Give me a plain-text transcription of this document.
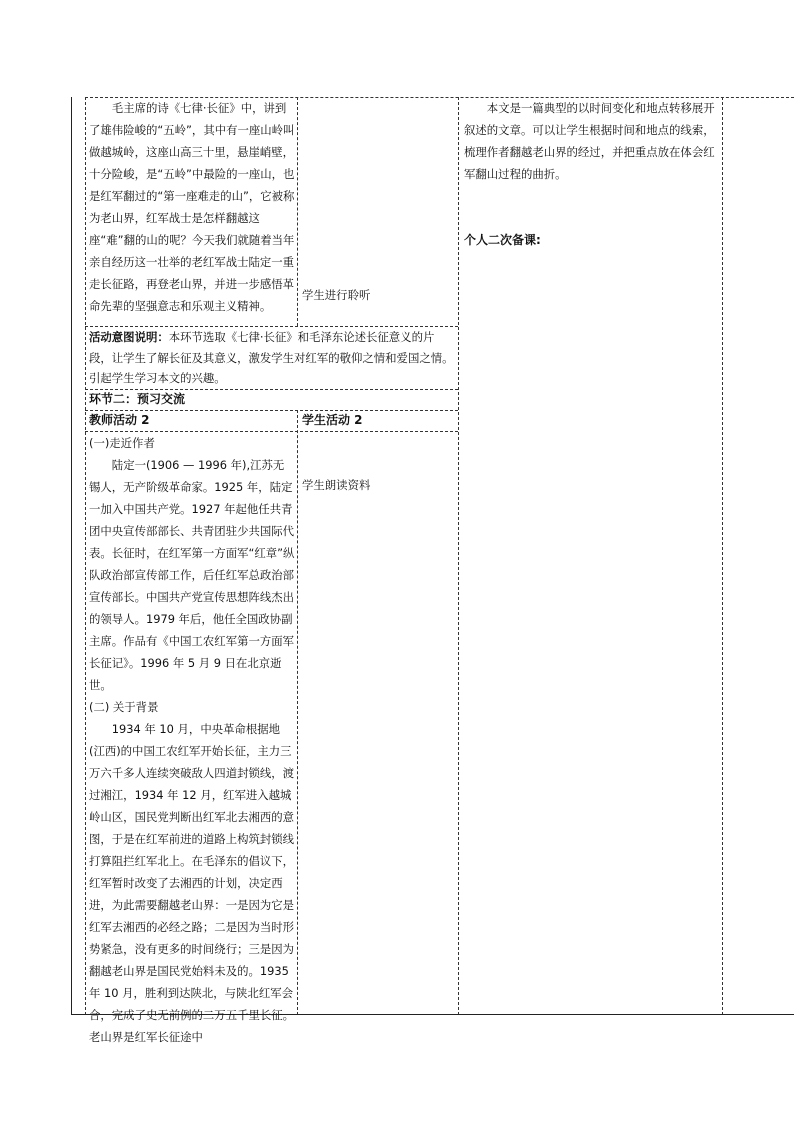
毛主席的诗《七律·长征》中，讲到了雄伟险峻的“五岭”，其中有一座山岭叫做越城岭，这座山高三十里，悬崖峭壁，十分险峻，是“五岭”中最险的一座山，也是红军翻过的“第一座难走的山”，它被称为老山界，红军战士是怎样翻越这座“难”翻的山的呢？今天我们就随着当年亲自经历这一壮举的老红军战士陆定一重走长征路，再登老山界，并进一步感悟革命先辈的坚强意志和乐观主义精神。

学生进行聆听

本文是一篇典型的以时间变化和地点转移展开叙述的文章。可以让学生根据时间和地点的线索，梳理作者翻越老山界的经过，并把重点放在体会红军翻山过程的曲折。

个人二次备课:

活动意图说明：本环节选取《七律·长征》和毛泽东论述长征意义的片段，让学生了解长征及其意义，激发学生对红军的敬仰之情和爱国之情。引起学生学习本文的兴趣。

环节二：预习交流

教师活动 2	学生活动 2

(一)走近作者

陆定一(1906 — 1996 年),江苏无锡人，无产阶级革命家。1925 年，陆定一加入中国共产党。1927 年起他任共青团中央宣传部部长、共青团驻少共国际代表。长征时，在红军第一方面军“红章”纵队政治部宣传部工作，后任红军总政治部宣传部长。中国共产党宣传思想阵线杰出的领导人。1979 年后，他任全国政协副主席。作品有《中国工农红军第一方面军长征记》。1996 年 5 月 9 日在北京逝世。

(二) 关于背景

1934 年 10 月，中央革命根据地(江西)的中国工农红军开始长征，主力三万六千多人连续突破敌人四道封锁线，渡过湘江，1934 年 12 月，红军进入越城岭山区，国民党判断出红军北去湘西的意图，于是在红军前进的道路上构筑封锁线打算阻拦红军北上。在毛泽东的倡议下，红军暂时改变了去湘西的计划，决定西进，为此需要翻越老山界：一是因为它是红军去湘西的必经之路；二是因为当时形势紧急，没有更多的时间绕行；三是因为翻越老山界是国民党始料未及的。1935 年 10 月，胜利到达陕北，与陕北红军会合，完成了史无前例的二万五千里长征。老山界是红军长征途中

学生朗读资料
